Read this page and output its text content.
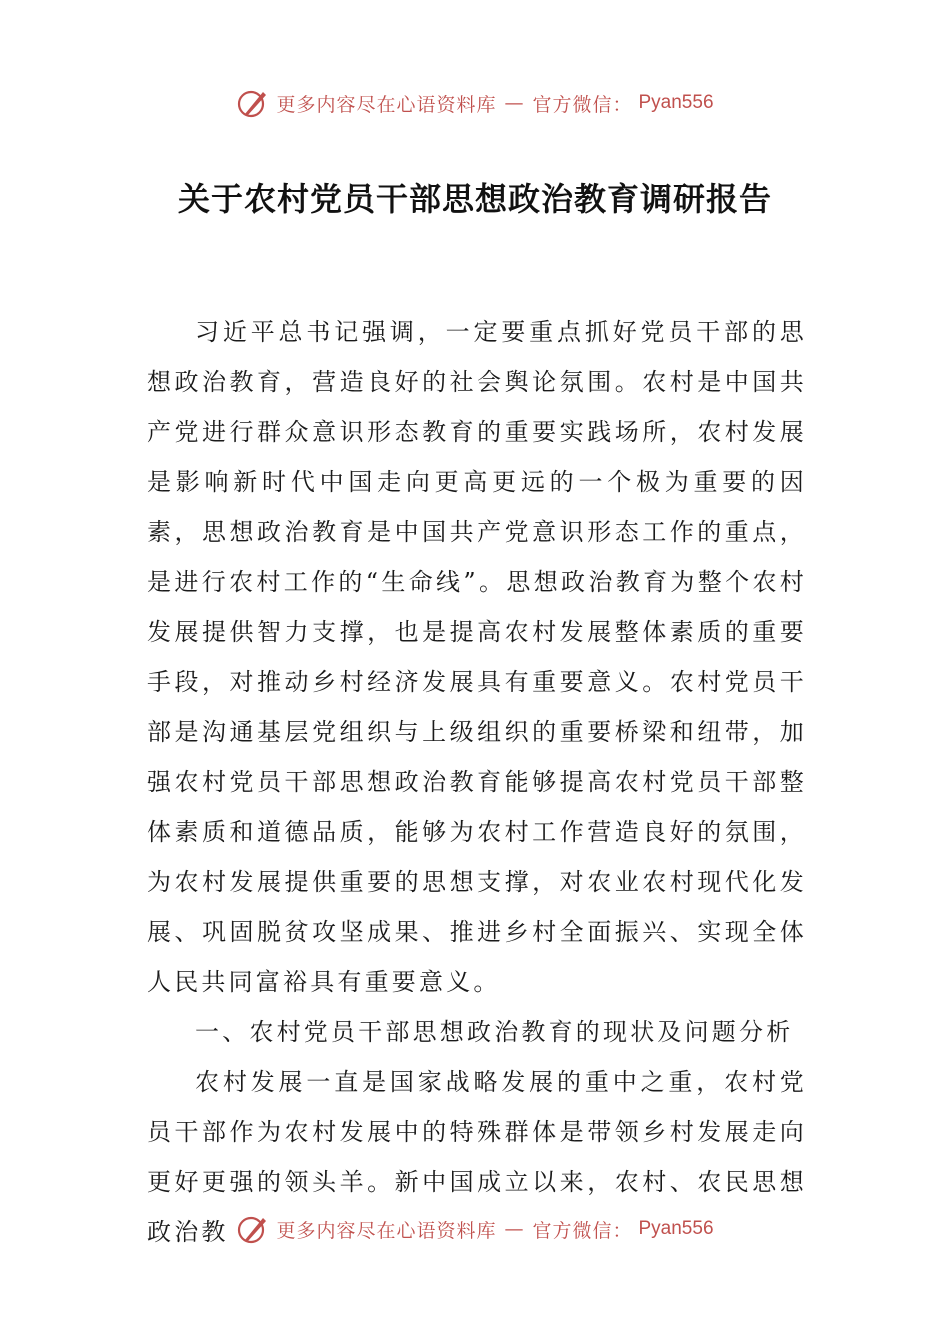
更多内容尽在心语资料库 — 官方微信： Pyan556
关于农村党员干部思想政治教育调研报告

习近平总书记强调，一定要重点抓好党员干部的思想政治教育，营造良好的社会舆论氛围。农村是中国共产党进行群众意识形态教育的重要实践场所，农村发展是影响新时代中国走向更高更远的一个极为重要的因素，思想政治教育是中国共产党意识形态工作的重点，是进行农村工作的“生命线”。思想政治教育为整个农村发展提供智力支撑，也是提高农村发展整体素质的重要手段，对推动乡村经济发展具有重要意义。农村党员干部是沟通基层党组织与上级组织的重要桥梁和纽带，加强农村党员干部思想政治教育能够提高农村党员干部整体素质和道德品质，能够为农村工作营造良好的氛围，为农村发展提供重要的思想支撑，对农业农村现代化发展、巩固脱贫攻坚成果、推进乡村全面振兴、实现全体人民共同富裕具有重要意义。

一、农村党员干部思想政治教育的现状及问题分析

农村发展一直是国家战略发展的重中之重，农村党员干部作为农村发展中的特殊群体是带领乡村发展走向更好更强的领头羊。新中国成立以来，农村、农民思想政治教	更多内容尽在心语资料库 — 官方微信： Pyan556
